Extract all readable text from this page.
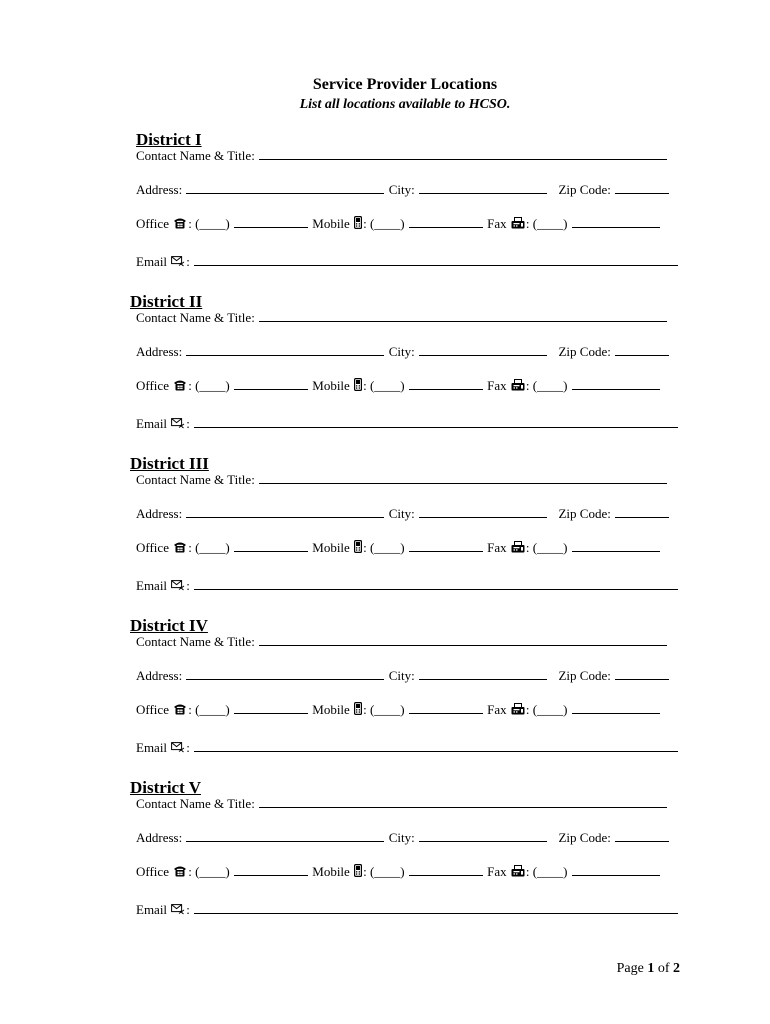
Service Provider Locations
List all locations available to HCSO.
District I
Contact Name & Title:
Address:	City:	Zip Code:
Office : (____)	Mobile : (____)	Fax : (____)
Email :
District II
Contact Name & Title:
Address:	City:	Zip Code:
Office : (____)	Mobile : (____)	Fax : (____)
Email :
District III
Contact Name & Title:
Address:	City:	Zip Code:
Office : (____)	Mobile : (____)	Fax : (____)
Email :
District IV
Contact Name & Title:
Address:	City:	Zip Code:
Office : (____)	Mobile : (____)	Fax : (____)
Email :
District V
Contact Name & Title:
Address:	City:	Zip Code:
Office : (____)	Mobile : (____)	Fax : (____)
Email :
Page 1 of 2
